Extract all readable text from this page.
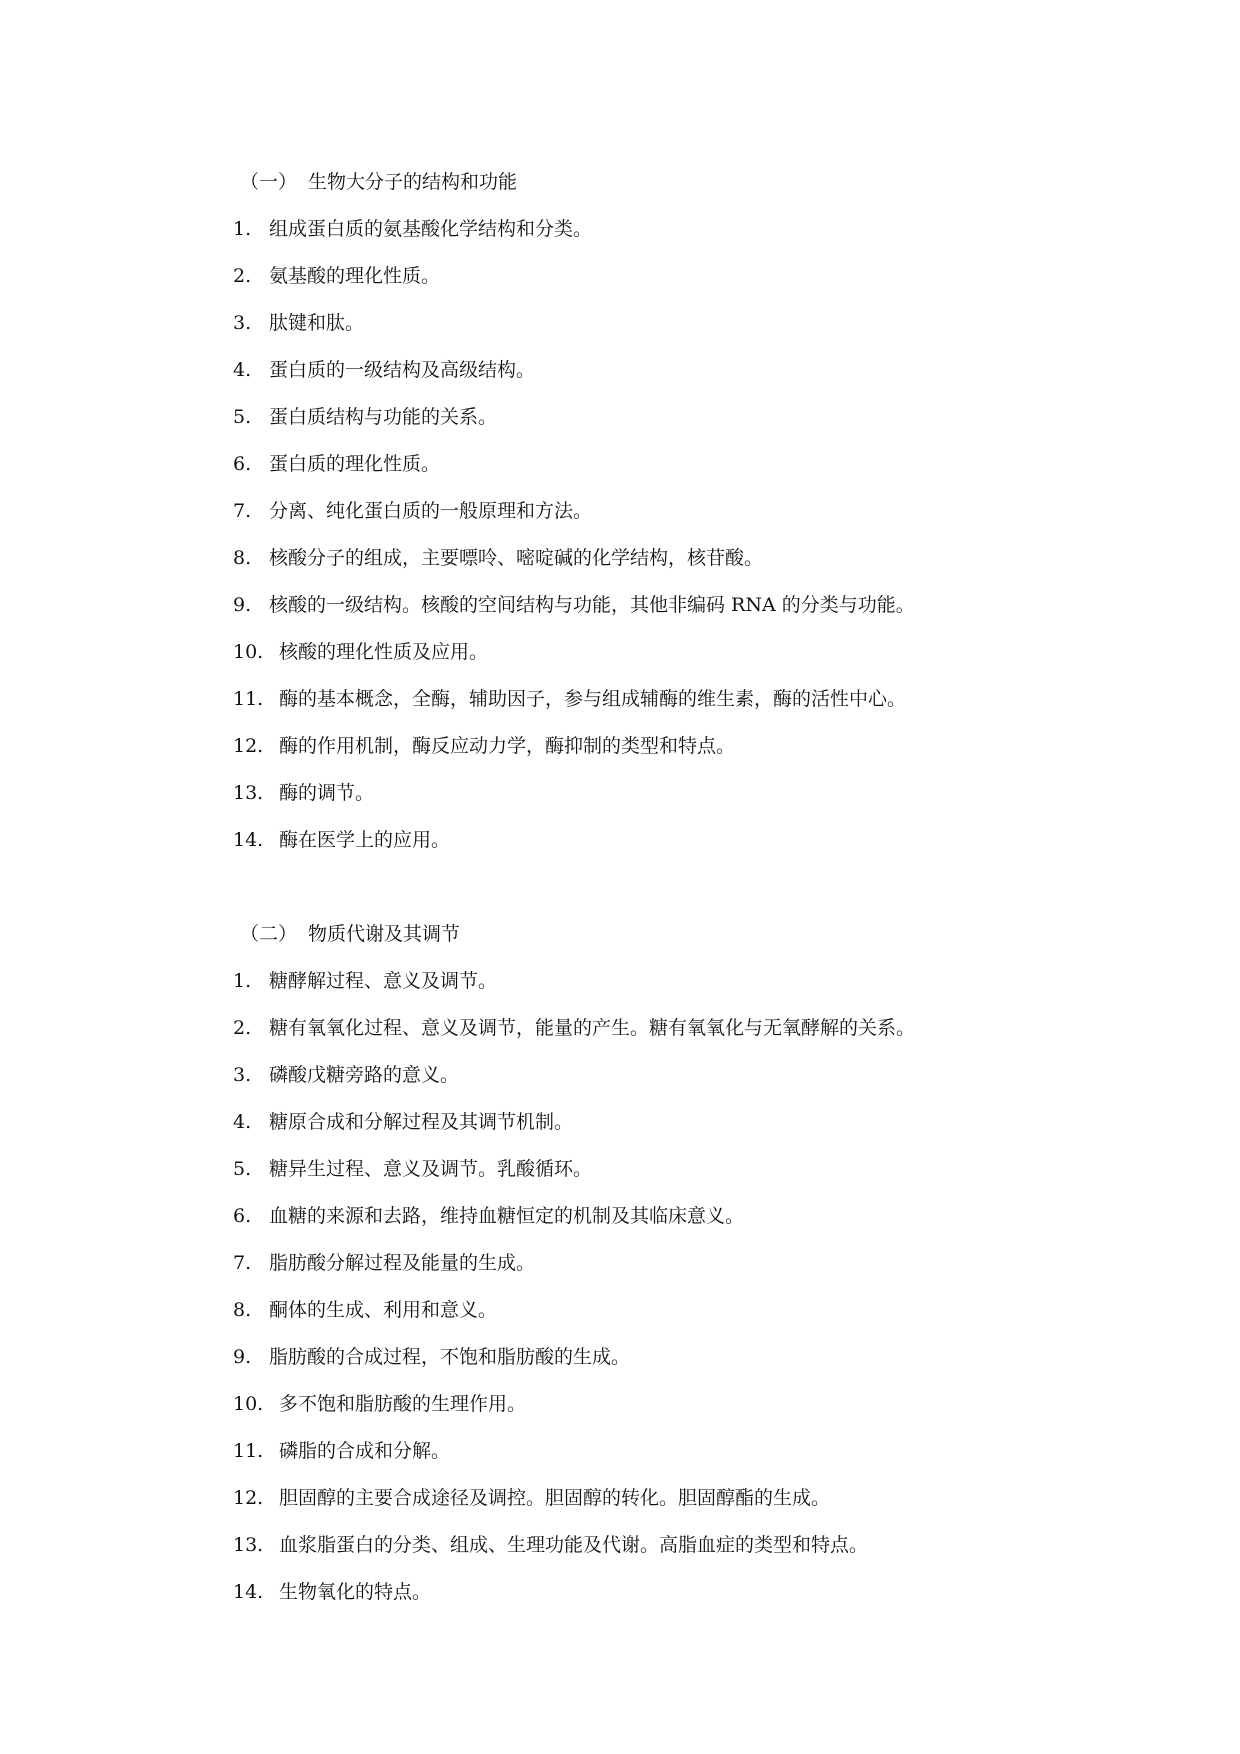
（一） 生物大分子的结构和功能
1. 组成蛋白质的氨基酸化学结构和分类。
2. 氨基酸的理化性质。
3. 肽键和肽。
4. 蛋白质的一级结构及高级结构。
5. 蛋白质结构与功能的关系。
6. 蛋白质的理化性质。
7. 分离、纯化蛋白质的一般原理和方法。
8. 核酸分子的组成，主要嘌呤、嘧啶碱的化学结构，核苷酸。
9. 核酸的一级结构。核酸的空间结构与功能，其他非编码 RNA 的分类与功能。
10. 核酸的理化性质及应用。
11. 酶的基本概念，全酶，辅助因子，参与组成辅酶的维生素，酶的活性中心。
12. 酶的作用机制，酶反应动力学，酶抑制的类型和特点。
13. 酶的调节。
14. 酶在医学上的应用。
（二） 物质代谢及其调节
1. 糖酵解过程、意义及调节。
2. 糖有氧氧化过程、意义及调节，能量的产生。糖有氧氧化与无氧酵解的关系。
3. 磷酸戊糖旁路的意义。
4. 糖原合成和分解过程及其调节机制。
5. 糖异生过程、意义及调节。乳酸循环。
6. 血糖的来源和去路，维持血糖恒定的机制及其临床意义。
7. 脂肪酸分解过程及能量的生成。
8. 酮体的生成、利用和意义。
9. 脂肪酸的合成过程，不饱和脂肪酸的生成。
10. 多不饱和脂肪酸的生理作用。
11. 磷脂的合成和分解。
12. 胆固醇的主要合成途径及调控。胆固醇的转化。胆固醇酯的生成。
13. 血浆脂蛋白的分类、组成、生理功能及代谢。高脂血症的类型和特点。
14. 生物氧化的特点。
